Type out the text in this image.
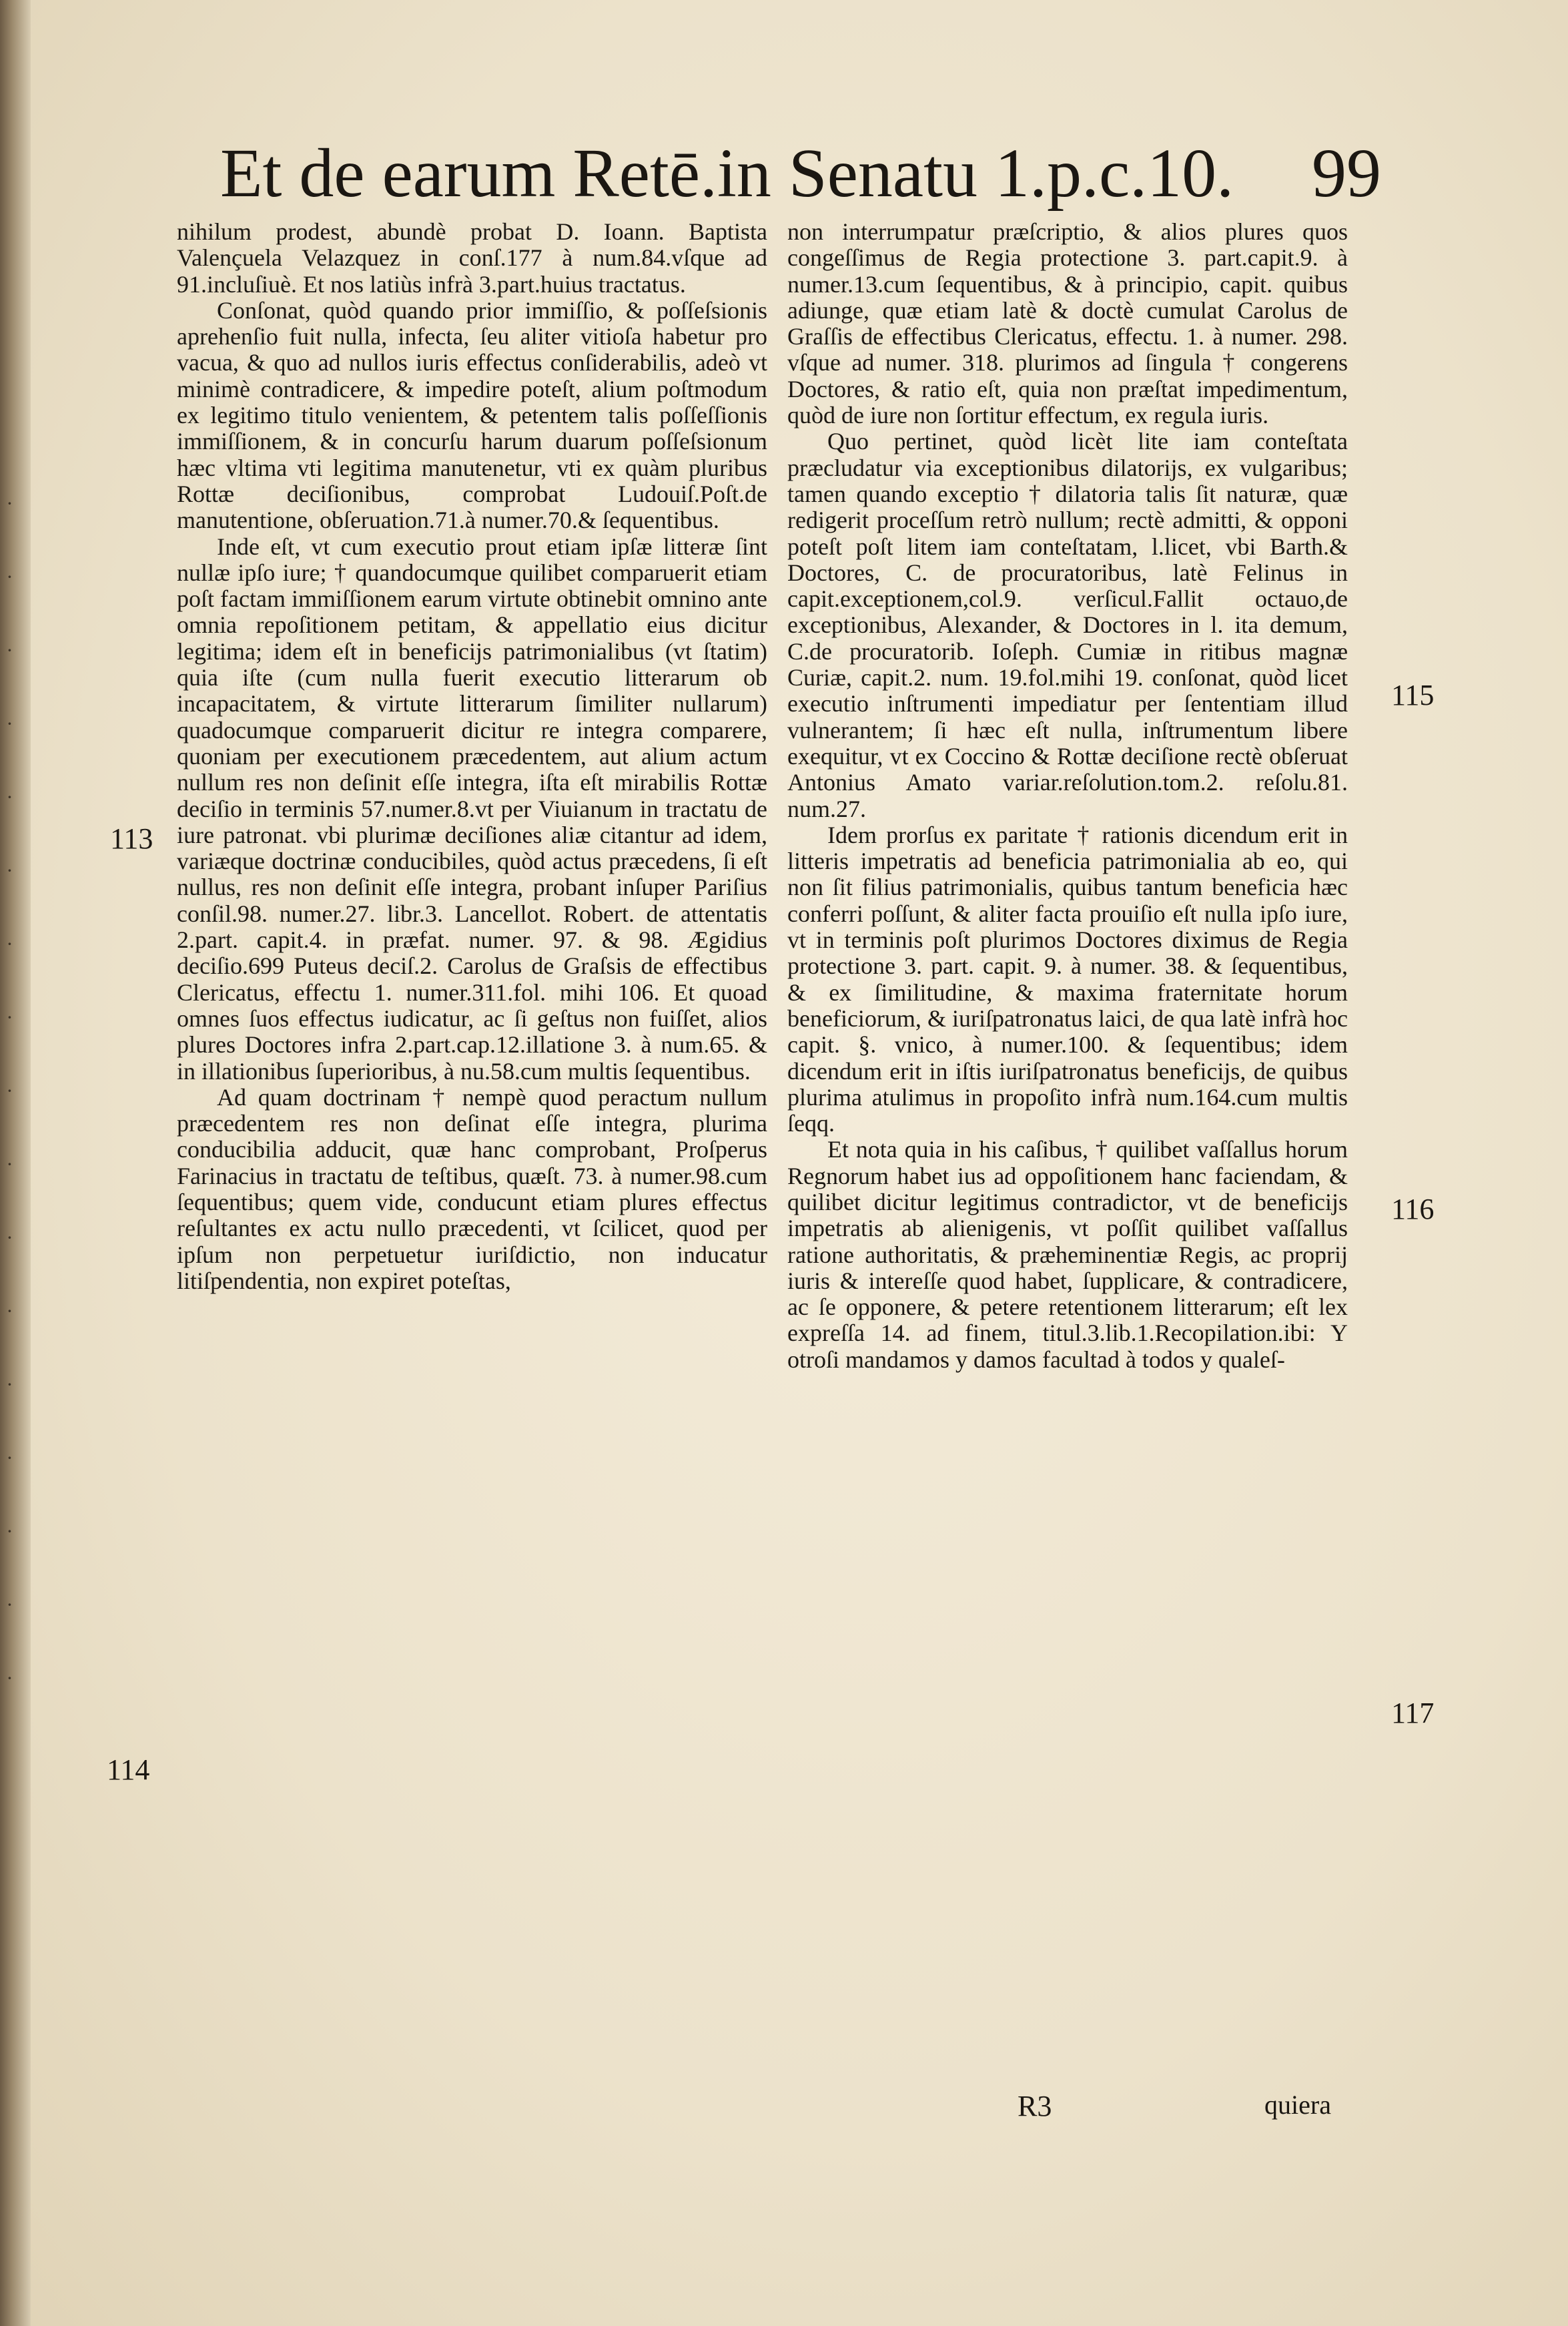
·
·
·
·
·
·
·
·
·
·
·
·
·
·
·
·
·
Et de earum Retē.in Senatu 1.p.c.10. 99

nihilum prodest, abundè probat D. Ioann. Baptista Valençuela Velazquez in conſ.177 à num.84.vſque ad 91.incluſiuè. Et nos latiùs infrà 3.part.huius tractatus.

Conſonat, quòd quando prior immiſſio, & poſſeſsionis aprehenſio fuit nulla, infecta, ſeu aliter vitioſa habetur pro vacua, & quo ad nullos iuris effectus conſiderabilis, adeò vt minimè contradicere, & impedire poteſt, alium poſtmodum ex legitimo titulo venientem, & petentem talis poſſeſſionis immiſſionem, & in concurſu harum duarum poſſeſsionum hæc vltima vti legitima manutenetur, vti ex quàm pluribus Rottæ deciſionibus, comprobat Ludouiſ.Poſt.de manutentione, obſeruation.71.à numer.70.& ſequentibus.

Inde eſt, vt cum executio prout etiam ipſæ litteræ ſint nullæ ipſo iure; † quandocumque quilibet comparuerit etiam poſt factam immiſſionem earum virtute obtinebit omnino ante omnia repoſitionem petitam, & appellatio eius dicitur legitima; idem eſt in beneficijs patrimonialibus (vt ſtatim) quia iſte (cum nulla fuerit executio litterarum ob incapacitatem, & virtute litterarum ſimiliter nullarum) quadocumque comparuerit dicitur re integra comparere, quoniam per executionem præcedentem, aut alium actum nullum res non deſinit eſſe integra, iſta eſt mirabilis Rottæ deciſio in terminis 57.numer.8.vt per Viuianum in tractatu de iure patronat. vbi plurimæ deciſiones aliæ citantur ad idem, variæque doctrinæ conducibiles, quòd actus præcedens, ſi eſt nullus, res non deſinit eſſe integra, probant inſuper Pariſius conſil.98. numer.27. libr.3. Lancellot. Robert. de attentatis 2.part. capit.4. in præfat. numer. 97. & 98. Ægidius deciſio.699 Puteus deciſ.2. Carolus de Graſsis de effectibus Clericatus, effectu 1. numer.311.fol. mihi 106. Et quoad omnes ſuos effectus iudicatur, ac ſi geſtus non fuiſſet, alios plures Doctores infra 2.part.cap.12.illatione 3. à num.65. & in illationibus ſuperioribus, à nu.58.cum multis ſequentibus.

Ad quam doctrinam † nempè quod peractum nullum præcedentem res non deſinat eſſe integra, plurima conducibilia adducit, quæ hanc comprobant, Proſperus Farinacius in tractatu de teſtibus, quæſt. 73. à numer.98.cum ſequentibus; quem vide, conducunt etiam plures effectus reſultantes ex actu nullo præcedenti, vt ſcilicet, quod per ipſum non perpetuetur iuriſdictio, non inducatur litiſpendentia, non expiret poteſtas,

non interrumpatur præſcriptio, & alios plures quos congeſſimus de Regia protectione 3. part.capit.9. à numer.13.cum ſequentibus, & à principio, capit. quibus adiunge, quæ etiam latè & doctè cumulat Carolus de Graſſis de effectibus Clericatus, effectu. 1. à numer. 298. vſque ad numer. 318. plurimos ad ſingula † congerens Doctores, & ratio eſt, quia non præſtat impedimentum, quòd de iure non ſortitur effectum, ex regula iuris.

Quo pertinet, quòd licèt lite iam conteſtata præcludatur via exceptionibus dilatorijs, ex vulgaribus; tamen quando exceptio † dilatoria talis ſit naturæ, quæ redigerit proceſſum retrò nullum; rectè admitti, & opponi poteſt poſt litem iam conteſtatam, l.licet, vbi Barth.& Doctores, C. de procuratoribus, latè Felinus in capit.exceptionem,col.9. verſicul.Fallit octauo,de exceptionibus, Alexander, & Doctores in l. ita demum, C.de procuratorib. Ioſeph. Cumiæ in ritibus magnæ Curiæ, capit.2. num. 19.fol.mihi 19. conſonat, quòd licet executio inſtrumenti impediatur per ſententiam illud vulnerantem; ſi hæc eſt nulla, inſtrumentum libere exequitur, vt ex Coccino & Rottæ deciſione rectè obſeruat Antonius Amato variar.reſolution.tom.2. reſolu.81. num.27.

Idem prorſus ex paritate † rationis dicendum erit in litteris impetratis ad beneficia patrimonialia ab eo, qui non ſit filius patrimonialis, quibus tantum beneficia hæc conferri poſſunt, & aliter facta prouiſio eſt nulla ipſo iure, vt in terminis poſt plurimos Doctores diximus de Regia protectione 3. part. capit. 9. à numer. 38. & ſequentibus, & ex ſimilitudine, & maxima fraternitate horum beneficiorum, & iuriſpatronatus laici, de qua latè infrà hoc capit. §. vnico, à numer.100. & ſequentibus; idem dicendum erit in iſtis iuriſpatronatus beneficijs, de quibus plurima atulimus in propoſito infrà num.164.cum multis ſeqq.

Et nota quia in his caſibus, † quilibet vaſſallus horum Regnorum habet ius ad oppoſitionem hanc faciendam, & quilibet dicitur legitimus contradictor, vt de beneficijs impetratis ab alienigenis, vt poſſit quilibet vaſſallus ratione authoritatis, & præheminentiæ Regis, ac proprij iuris & intereſſe quod habet, ſupplicare, & contradicere, ac ſe opponere, & petere retentionem litterarum; eſt lex expreſſa 14. ad finem, titul.3.lib.1.Recopilation.ibi: Y otroſi mandamos y damos facultad à todos y qualeſ-

113
114
115
116
117
R3	quiera
